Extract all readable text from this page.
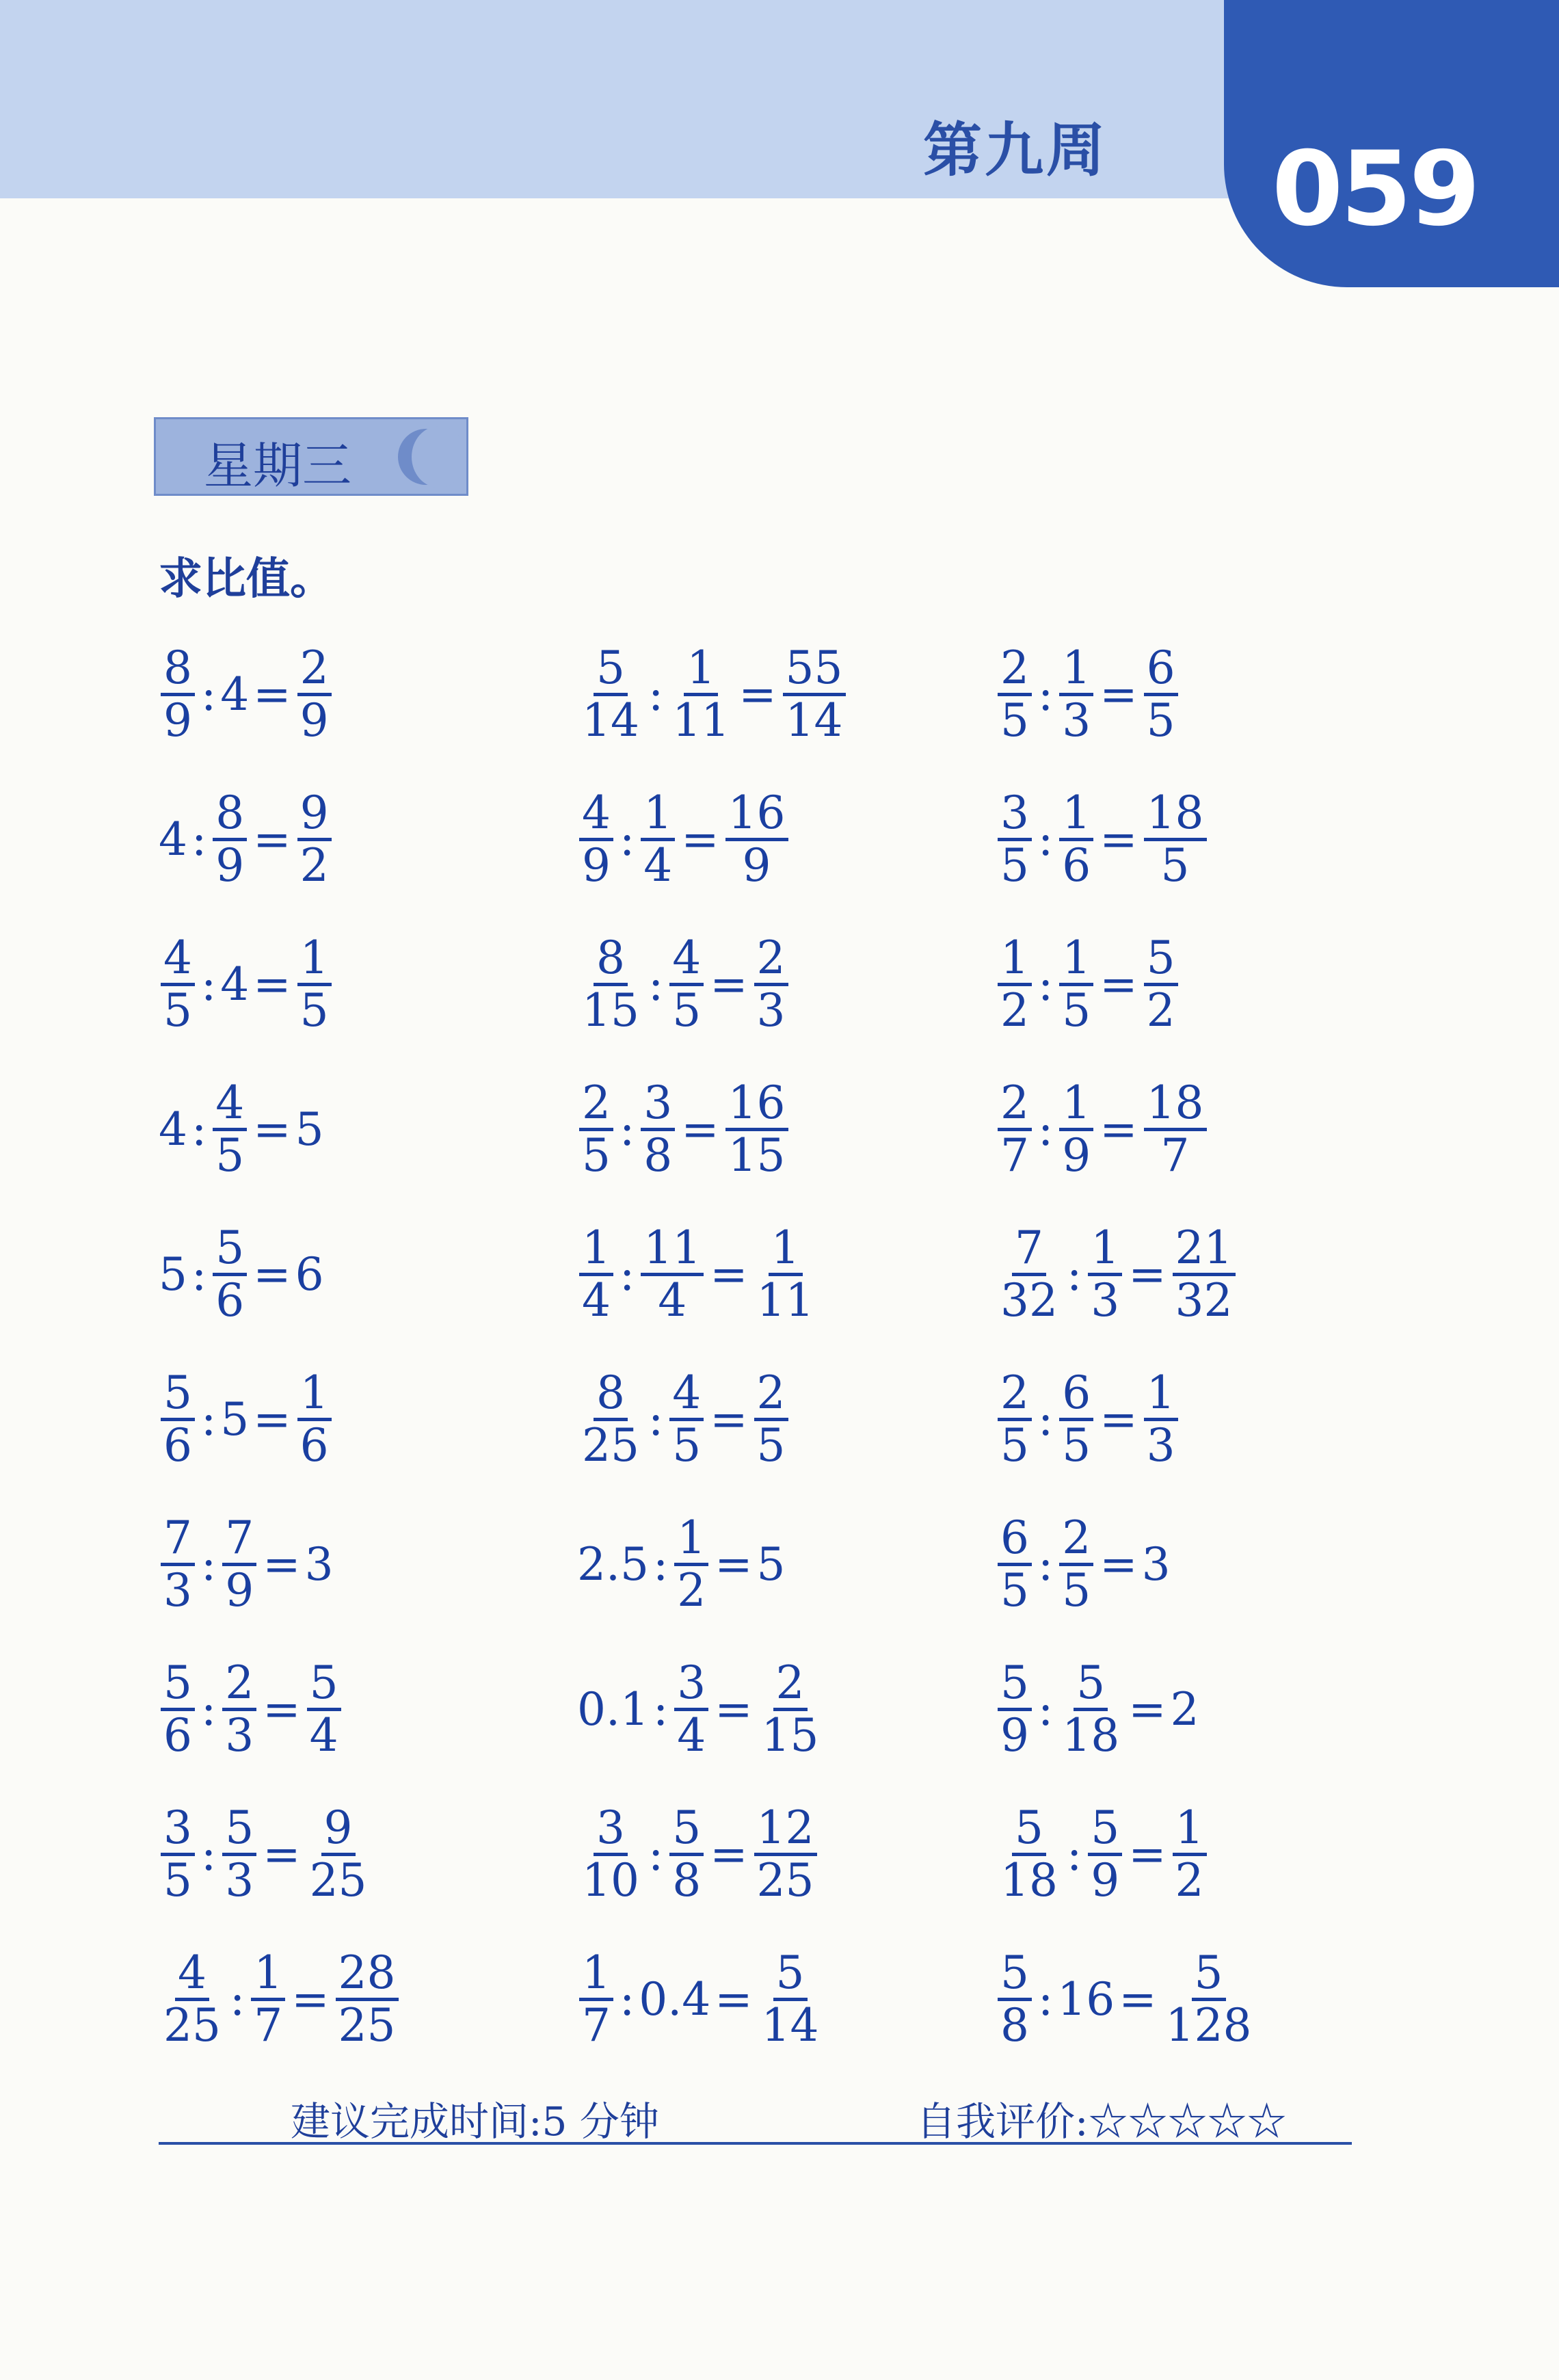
第九周 059
星期三
求比值。
$\frac{8}{9}$ : $4 = \frac{2}{9}$	$\frac{5}{14}$ : $\frac{1}{11} = \frac{55}{14}$	$\frac{2}{5}$ : $\frac{1}{3} = \frac{6}{5}$
4 : $\frac{8}{9} = \frac{9}{2}$	$\frac{4}{9}$ : $\frac{1}{4} = \frac{16}{9}$	$\frac{3}{5}$ : $\frac{1}{6} = \frac{18}{5}$
$\frac{4}{5}$ : $4 = \frac{1}{5}$	$\frac{8}{15}$ : $\frac{4}{5} = \frac{2}{3}$	$\frac{1}{2}$ : $\frac{1}{5} = \frac{5}{2}$
4 : $\frac{4}{5} = 5$	$\frac{2}{5}$ : $\frac{3}{8} = \frac{16}{15}$	$\frac{2}{7}$ : $\frac{1}{9} = \frac{18}{7}$
5 : $\frac{5}{6} = 6$	$\frac{1}{4}$ : $\frac{11}{4} = \frac{1}{11}$	$\frac{7}{32}$ : $\frac{1}{3} = \frac{21}{32}$
$\frac{5}{6}$ : $5 = \frac{1}{6}$	$\frac{8}{25}$ : $\frac{4}{5} = \frac{2}{5}$	$\frac{2}{5}$ : $\frac{6}{5} = \frac{1}{3}$
$\frac{7}{3}$ : $\frac{7}{9} = 3$	2.5 : $\frac{1}{2} = 5$	$\frac{6}{5}$ : $\frac{2}{5} = 3$
$\frac{5}{6}$ : $\frac{2}{3} = \frac{5}{4}$	0.1 : $\frac{3}{4} = \frac{2}{15}$	$\frac{5}{9}$ : $\frac{5}{18} = 2$
$\frac{3}{5}$ : $\frac{5}{3} = \frac{9}{25}$	$\frac{3}{10}$ : $\frac{5}{8} = \frac{12}{25}$	$\frac{5}{18}$ : $\frac{5}{9} = \frac{1}{2}$
$\frac{4}{25}$ : $\frac{1}{7} = \frac{28}{25}$	$\frac{1}{7}$ : $0.4 = \frac{5}{14}$	$\frac{5}{8}$ : $16 = \frac{5}{128}$
建议完成时间:5 分钟	自我评价:☆☆☆☆☆
